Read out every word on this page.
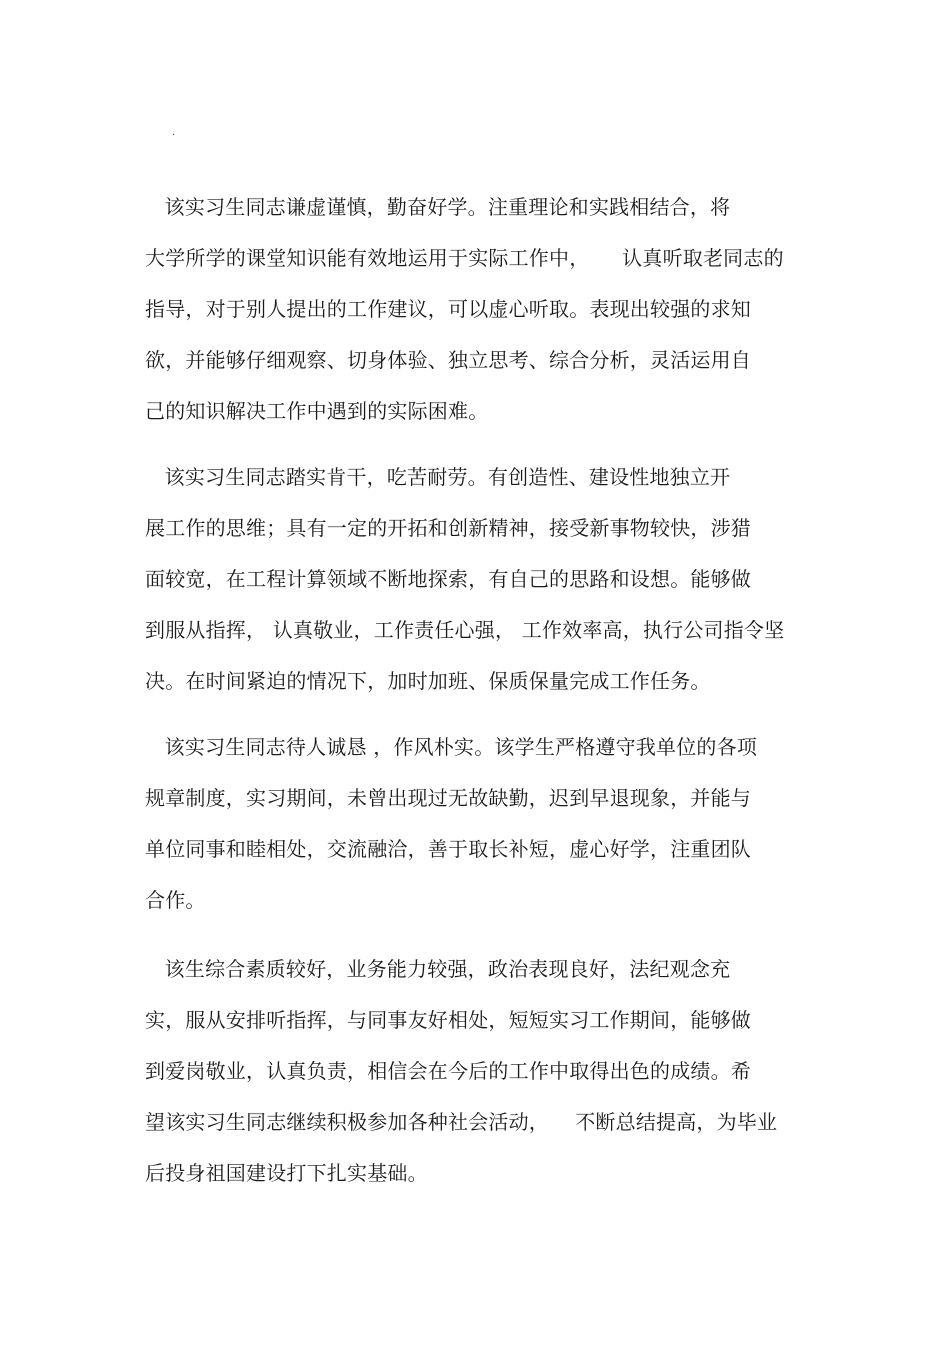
.
该实习生同志谦虚谨慎，勤奋好学。注重理论和实践相结合，将
大学所学的课堂知识能有效地运用于实际工作中，     认真听取老同志的
指导，对于别人提出的工作建议，可以虚心听取。表现出较强的求知
欲，并能够仔细观察、切身体验、独立思考、综合分析，灵活运用自
己的知识解决工作中遇到的实际困难。
该实习生同志踏实肯干，吃苦耐劳。有创造性、建设性地独立开
展工作的思维；具有一定的开拓和创新精神，接受新事物较快，涉猎
面较宽，在工程计算领域不断地探索，有自己的思路和设想。能够做
到服从指挥， 认真敬业，工作责任心强， 工作效率高，执行公司指令坚
决。在时间紧迫的情况下，加时加班、保质保量完成工作任务。
该实习生同志待人诚恳 ，作风朴实。该学生严格遵守我单位的各项
规章制度，实习期间，未曾出现过无故缺勤，迟到早退现象，并能与
单位同事和睦相处，交流融洽，善于取长补短，虚心好学，注重团队
合作。
该生综合素质较好，业务能力较强，政治表现良好，法纪观念充
实，服从安排听指挥，与同事友好相处，短短实习工作期间，能够做
到爱岗敬业，认真负责，相信会在今后的工作中取得出色的成绩。希
望该实习生同志继续积极参加各种社会活动，    不断总结提高，为毕业
后投身祖国建设打下扎实基础。
